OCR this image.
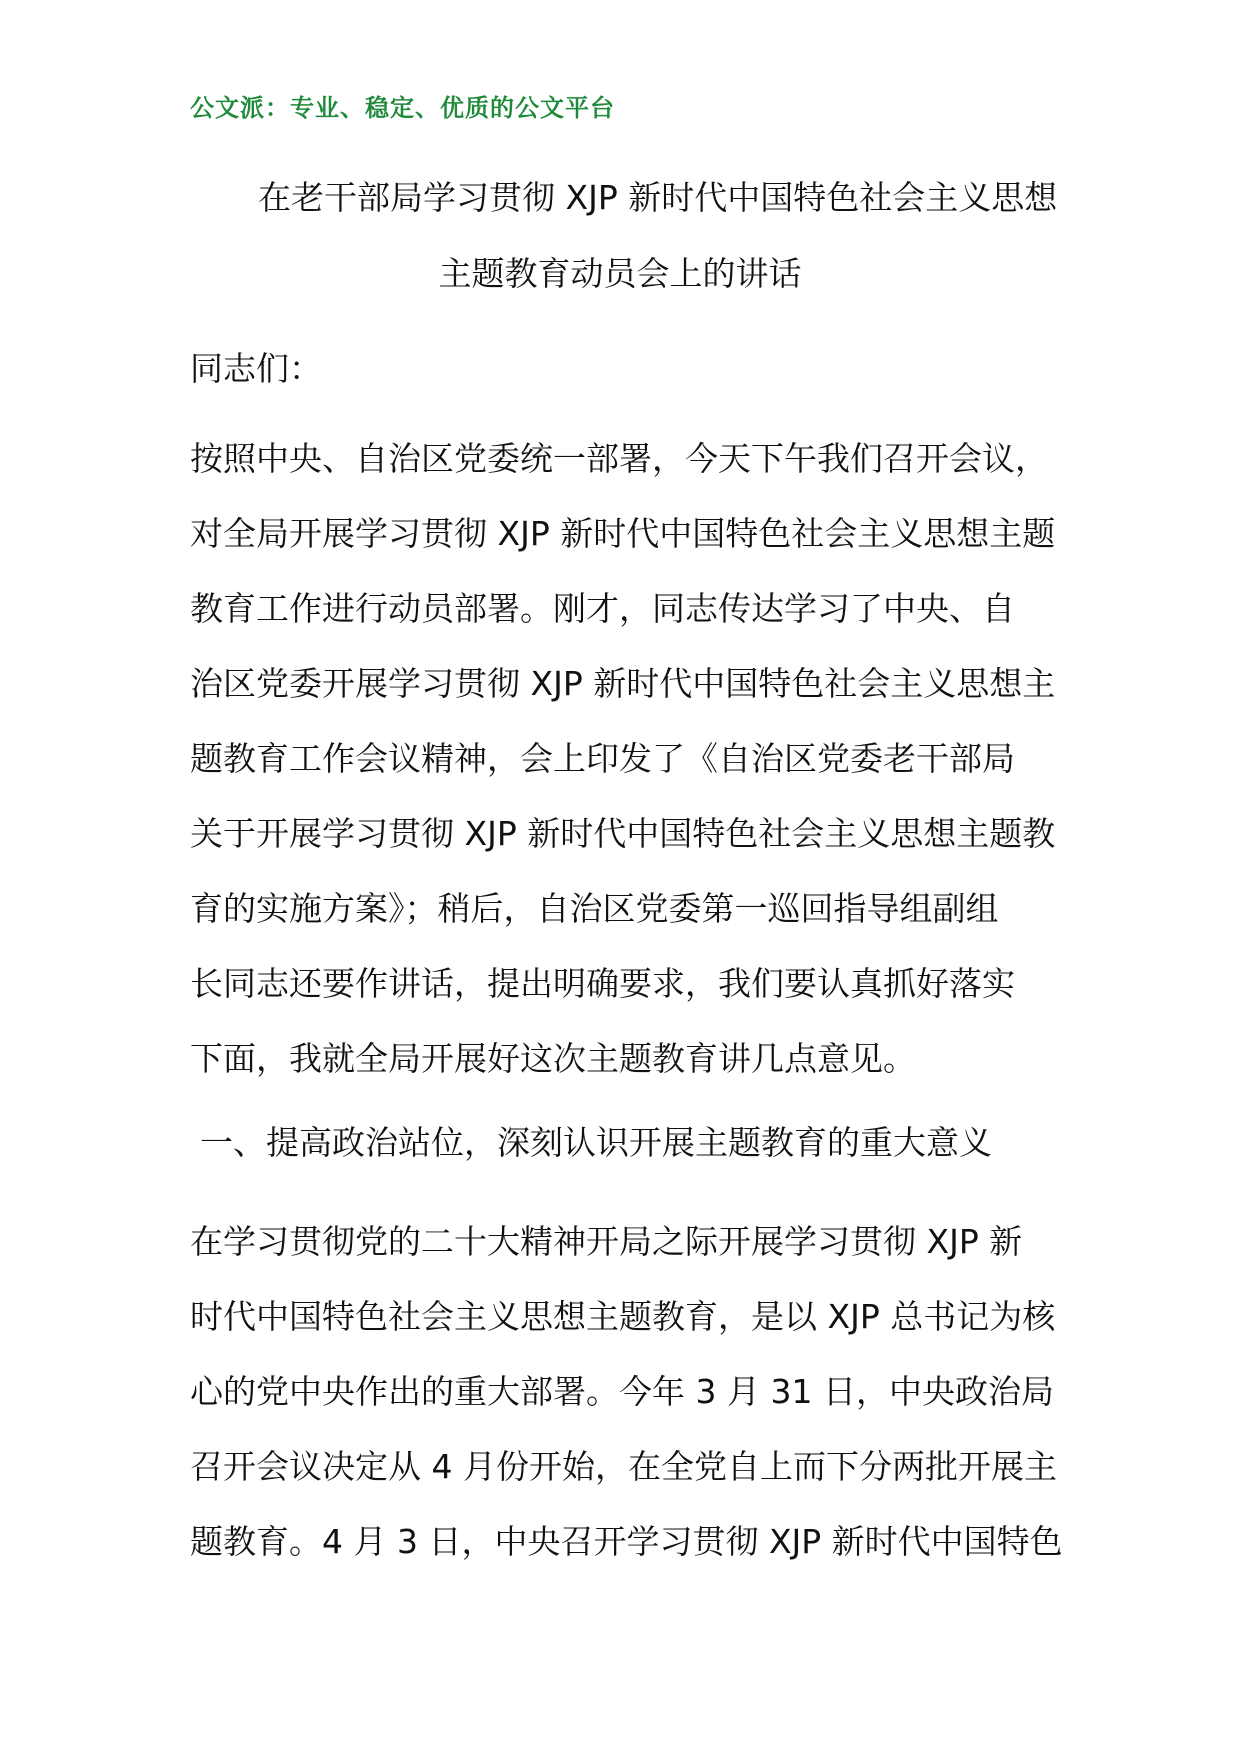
公文派：专业、稳定、优质的公文平台
在老干部局学习贯彻 XJP 新时代中国特色社会主义思想
主题教育动员会上的讲话
同志们：
按照中央、自治区党委统一部署，今天下午我们召开会议，
对全局开展学习贯彻 XJP 新时代中国特色社会主义思想主题
教育工作进行动员部署。刚才，同志传达学习了中央、自
治区党委开展学习贯彻 XJP 新时代中国特色社会主义思想主
题教育工作会议精神，会上印发了《自治区党委老干部局
关于开展学习贯彻 XJP 新时代中国特色社会主义思想主题教
育的实施方案》；稍后，自治区党委第一巡回指导组副组
长同志还要作讲话，提出明确要求，我们要认真抓好落实
下面，我就全局开展好这次主题教育讲几点意见。
一、提高政治站位，深刻认识开展主题教育的重大意义
在学习贯彻党的二十大精神开局之际开展学习贯彻 XJP 新
时代中国特色社会主义思想主题教育，是以 XJP 总书记为核
心的党中央作出的重大部署。今年 3 月 31 日，中央政治局
召开会议决定从 4 月份开始，在全党自上而下分两批开展主
题教育。4 月 3 日，中央召开学习贯彻 XJP 新时代中国特色
